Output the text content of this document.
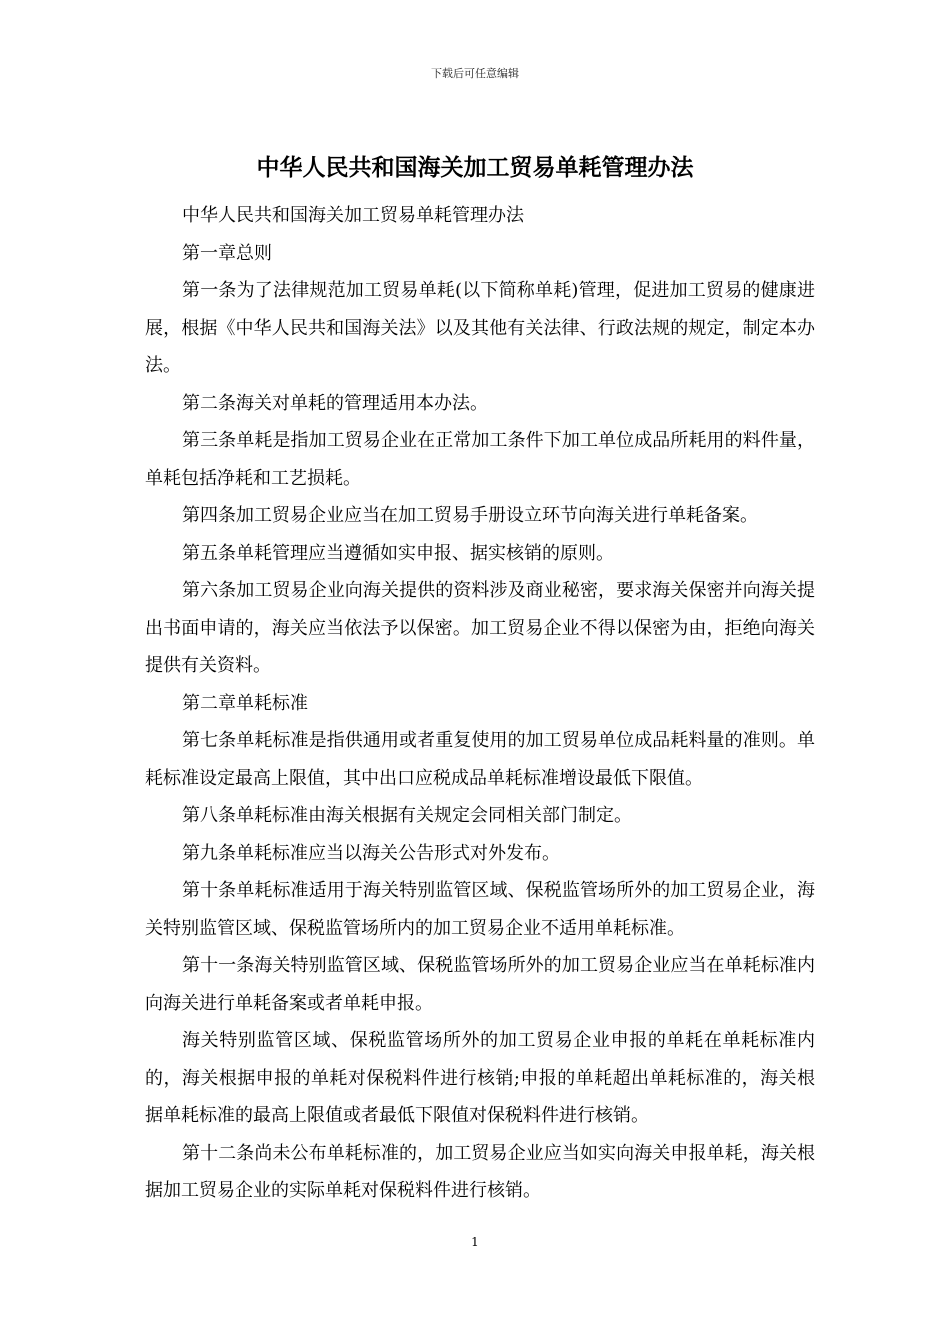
下载后可任意编辑
中华人民共和国海关加工贸易单耗管理办法

中华人民共和国海关加工贸易单耗管理办法

第一章总则

第一条为了法律规范加工贸易单耗(以下简称单耗)管理，促进加工贸易的健康进展，根据《中华人民共和国海关法》以及其他有关法律、行政法规的规定，制定本办法。

第二条海关对单耗的管理适用本办法。

第三条单耗是指加工贸易企业在正常加工条件下加工单位成品所耗用的料件量，单耗包括净耗和工艺损耗。

第四条加工贸易企业应当在加工贸易手册设立环节向海关进行单耗备案。

第五条单耗管理应当遵循如实申报、据实核销的原则。

第六条加工贸易企业向海关提供的资料涉及商业秘密，要求海关保密并向海关提出书面申请的，海关应当依法予以保密。加工贸易企业不得以保密为由，拒绝向海关提供有关资料。

第二章单耗标准

第七条单耗标准是指供通用或者重复使用的加工贸易单位成品耗料量的准则。单耗标准设定最高上限值，其中出口应税成品单耗标准增设最低下限值。

第八条单耗标准由海关根据有关规定会同相关部门制定。

第九条单耗标准应当以海关公告形式对外发布。

第十条单耗标准适用于海关特别监管区域、保税监管场所外的加工贸易企业，海关特别监管区域、保税监管场所内的加工贸易企业不适用单耗标准。

第十一条海关特别监管区域、保税监管场所外的加工贸易企业应当在单耗标准内向海关进行单耗备案或者单耗申报。

海关特别监管区域、保税监管场所外的加工贸易企业申报的单耗在单耗标准内的，海关根据申报的单耗对保税料件进行核销;申报的单耗超出单耗标准的，海关根据单耗标准的最高上限值或者最低下限值对保税料件进行核销。

第十二条尚未公布单耗标准的，加工贸易企业应当如实向海关申报单耗，海关根据加工贸易企业的实际单耗对保税料件进行核销。

1
